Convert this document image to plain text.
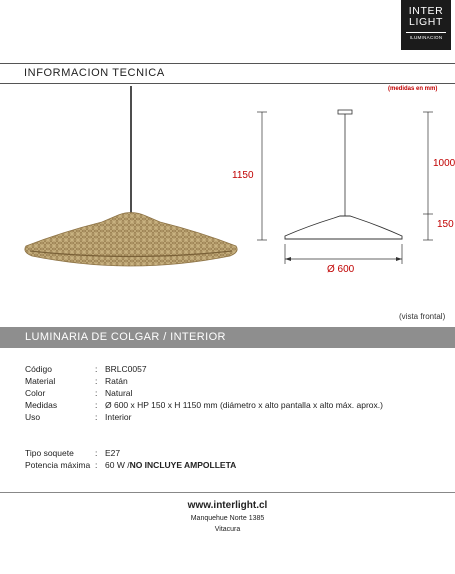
INTER
LIGHT
ILUMINACION
INFORMACION TECNICA
(medidas en mm)
1150
1000
150
Ø 600
(vista frontal)
LUMINARIA DE COLGAR / INTERIOR
Código	: BRLC0057
Material	: Ratán
Color	: Natural
Medidas	: Ø 600 x HP 150 x H 1150 mm (diámetro x alto pantalla x alto máx. aprox.)
Uso	: Interior
Tipo soquete : E27
Potencia máxima : 60 W /NO INCLUYE AMPOLLETA
www.interlight.cl
Manquehue Norte 1385
Vitacura
